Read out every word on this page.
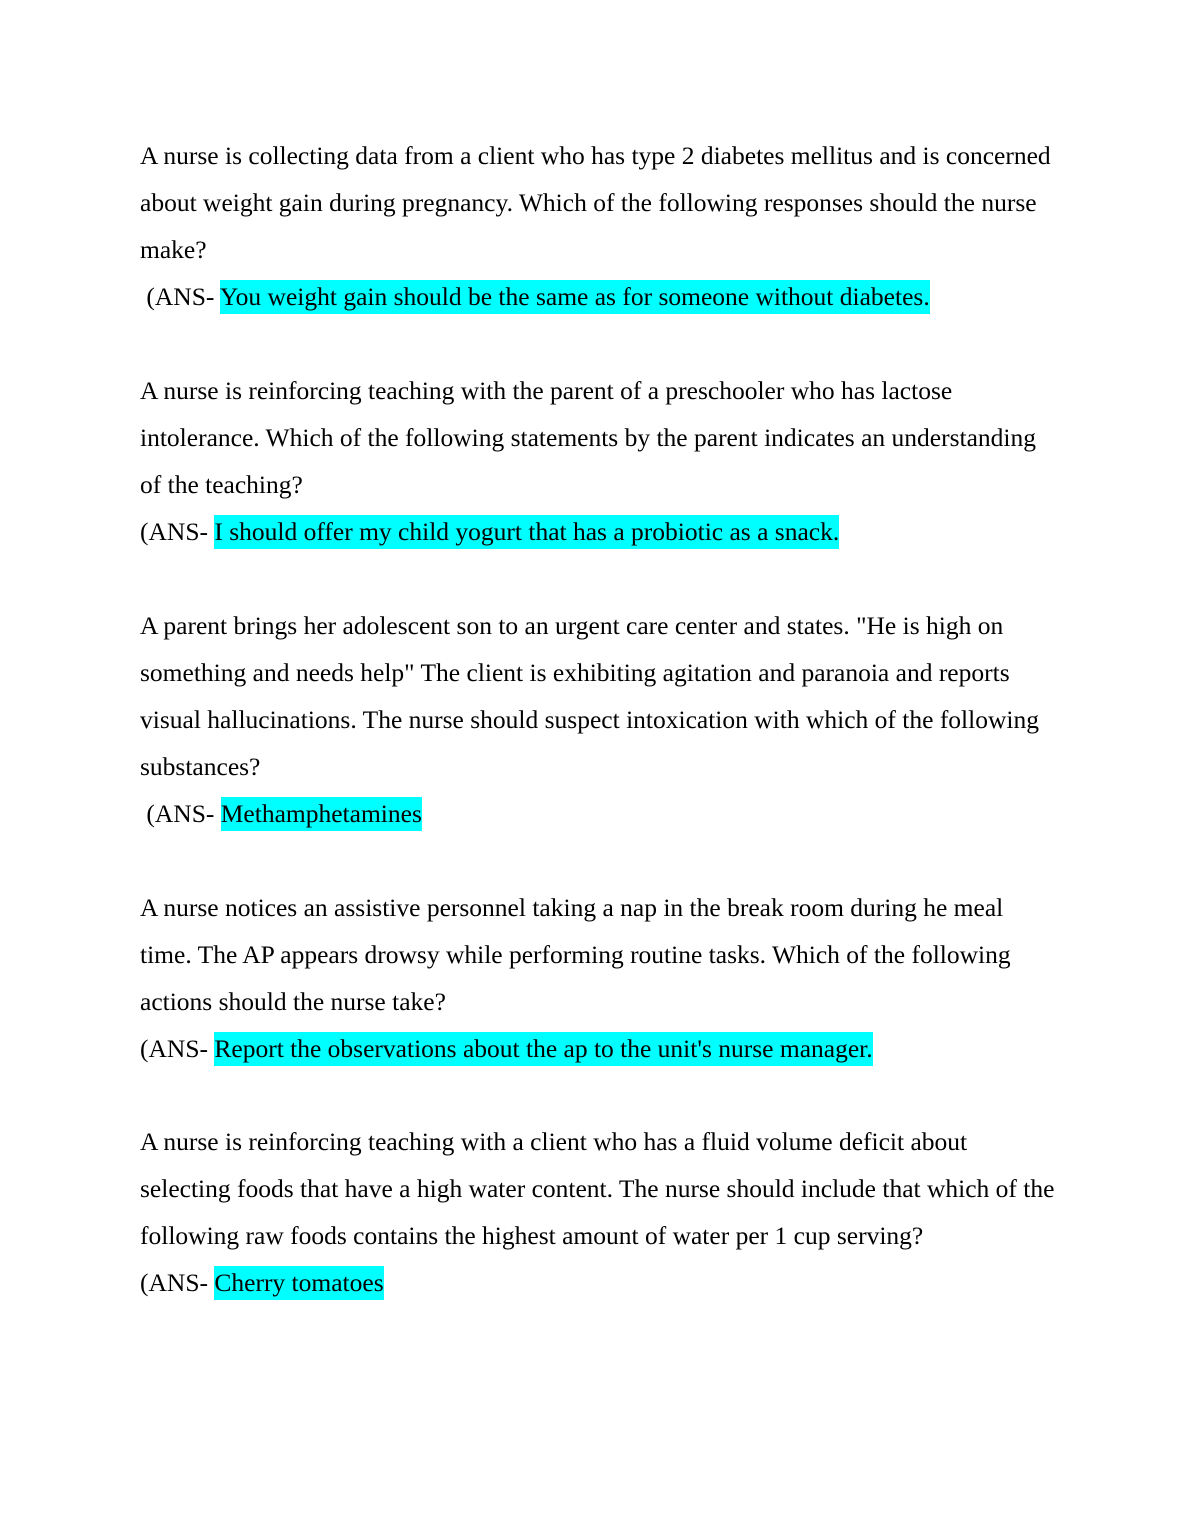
A nurse is collecting data from a client who has type 2 diabetes mellitus and is concerned about weight gain during pregnancy. Which of the following responses should the nurse make?

(ANS- You weight gain should be the same as for someone without diabetes.

A nurse is reinforcing teaching with the parent of a preschooler who has lactose intolerance. Which of the following statements by the parent indicates an understanding of the teaching?

(ANS- I should offer my child yogurt that has a probiotic as a snack.

A parent brings her adolescent son to an urgent care center and states. "He is high on something and needs help" The client is exhibiting agitation and paranoia and reports visual hallucinations. The nurse should suspect intoxication with which of the following substances?

(ANS- Methamphetamines

A nurse notices an assistive personnel taking a nap in the break room during he meal time. The AP appears drowsy while performing routine tasks. Which of the following actions should the nurse take?

(ANS- Report the observations about the ap to the unit's nurse manager.

A nurse is reinforcing teaching with a client who has a fluid volume deficit about selecting foods that have a high water content. The nurse should include that which of the following raw foods contains the highest amount of water per 1 cup serving?

(ANS- Cherry tomatoes
